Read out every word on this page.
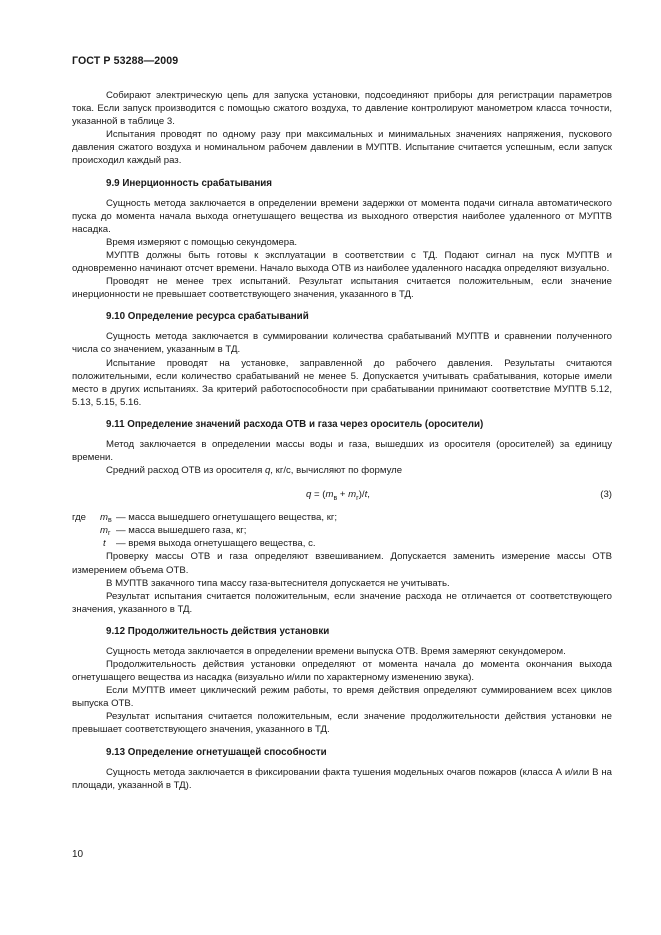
ГОСТ Р 53288—2009

Собирают электрическую цепь для запуска установки, подсоединяют приборы для регистрации параметров тока. Если запуск производится с помощью сжатого воздуха, то давление контролируют манометром класса точности, указанной в таблице 3.

Испытания проводят по одному разу при максимальных и минимальных значениях напряжения, пускового давления сжатого воздуха и номинальном рабочем давлении в МУПТВ. Испытание считается успешным, если запуск происходил каждый раз.

9.9 Инерционность срабатывания

Сущность метода заключается в определении времени задержки от момента подачи сигнала автоматического пуска до момента начала выхода огнетушащего вещества из выходного отверстия наиболее удаленного от МУПТВ насадка.

Время измеряют с помощью секундомера.

МУПТВ должны быть готовы к эксплуатации в соответствии с ТД. Подают сигнал на пуск МУПТВ и одновременно начинают отсчет времени. Начало выхода ОТВ из наиболее удаленного насадка определяют визуально.

Проводят не менее трех испытаний. Результат испытания считается положительным, если значение инерционности не превышает соответствующего значения, указанного в ТД.

9.10 Определение ресурса срабатываний

Сущность метода заключается в суммировании количества срабатываний МУПТВ и сравнении полученного числа со значением, указанным в ТД.

Испытание проводят на установке, заправленной до рабочего давления. Результаты считаются положительными, если количество срабатываний не менее 5. Допускается учитывать срабатывания, которые имели место в других испытаниях. За критерий работоспособности при срабатывании принимают соответствие МУПТВ 5.12, 5.13, 5.15, 5.16.

9.11 Определение значений расхода ОТВ и газа через ороситель (оросители)

Метод заключается в определении массы воды и газа, вышедших из оросителя (оросителей) за единицу времени.

Средний расход ОТВ из оросителя q, кг/с, вычисляют по формуле

$q = (m_в + m_г)/t$,	(3)
где $m_в$ — масса вышедшего огнетушащего вещества, кг;
$m_г$ — масса вышедшего газа, кг;
t — время выхода огнетушащего вещества, с.

Проверку массы ОТВ и газа определяют взвешиванием. Допускается заменить измерение массы ОТВ измерением объема ОТВ.

В МУПТВ закачного типа массу газа-вытеснителя допускается не учитывать.

Результат испытания считается положительным, если значение расхода не отличается от соответствующего значения, указанного в ТД.

9.12 Продолжительность действия установки

Сущность метода заключается в определении времени выпуска ОТВ. Время замеряют секундомером.

Продолжительность действия установки определяют от момента начала до момента окончания выхода огнетушащего вещества из насадка (визуально и/или по характерному изменению звука).

Если МУПТВ имеет циклический режим работы, то время действия определяют суммированием всех циклов выпуска ОТВ.

Результат испытания считается положительным, если значение продолжительности действия установки не превышает соответствующего значения, указанного в ТД.

9.13 Определение огнетушащей способности

Сущность метода заключается в фиксировании факта тушения модельных очагов пожаров (класса А и/или В на площади, указанной в ТД).

10
